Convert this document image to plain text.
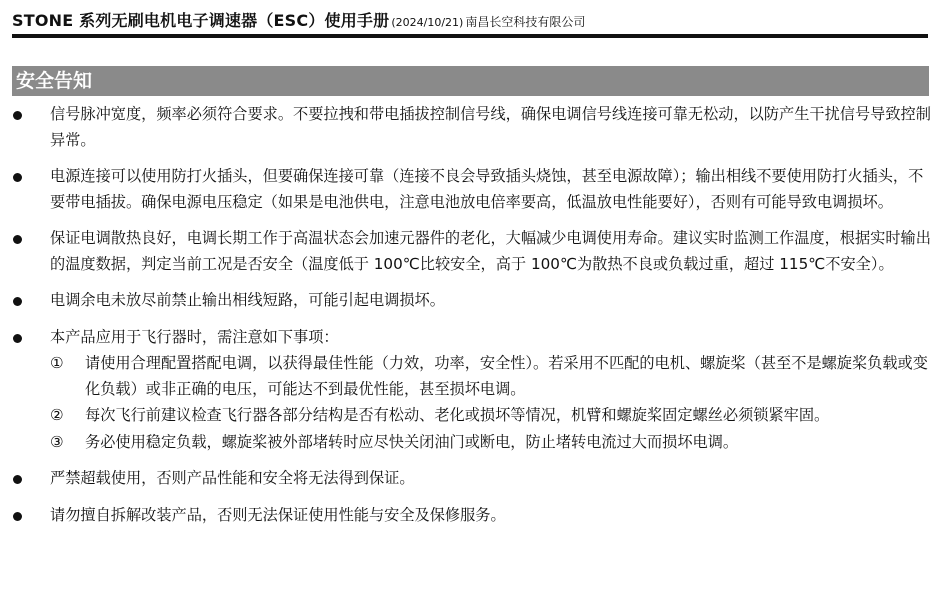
STONE 系列无刷电机电子调速器（ESC）使用手册 (2024/10/21) 南昌长空科技有限公司
安全告知
信号脉冲宽度，频率必须符合要求。不要拉拽和带电插拔控制信号线，确保电调信号线连接可靠无松动，以防产生干扰信号导致控制异常。
电源连接可以使用防打火插头，但要确保连接可靠（连接不良会导致插头烧蚀，甚至电源故障）；输出相线不要使用防打火插头，不要带电插拔。确保电源电压稳定（如果是电池供电，注意电池放电倍率要高，低温放电性能要好），否则有可能导致电调损坏。
保证电调散热良好，电调长期工作于高温状态会加速元器件的老化，大幅减少电调使用寿命。建议实时监测工作温度，根据实时输出的温度数据，判定当前工况是否安全（温度低于 100℃比较安全，高于 100℃为散热不良或负载过重，超过 115℃不安全）。
电调余电未放尽前禁止输出相线短路，可能引起电调损坏。
本产品应用于飞行器时，需注意如下事项：
① 请使用合理配置搭配电调，以获得最佳性能（力效，功率，安全性）。若采用不匹配的电机、螺旋桨（甚至不是螺旋桨负载或变化负载）或非正确的电压，可能达不到最优性能，甚至损坏电调。
② 每次飞行前建议检查飞行器各部分结构是否有松动、老化或损坏等情况，机臂和螺旋桨固定螺丝必须锁紧牢固。
③ 务必使用稳定负载，螺旋桨被外部堵转时应尽快关闭油门或断电，防止堵转电流过大而损坏电调。
严禁超载使用，否则产品性能和安全将无法得到保证。
请勿擅自拆解改装产品，否则无法保证使用性能与安全及保修服务。
